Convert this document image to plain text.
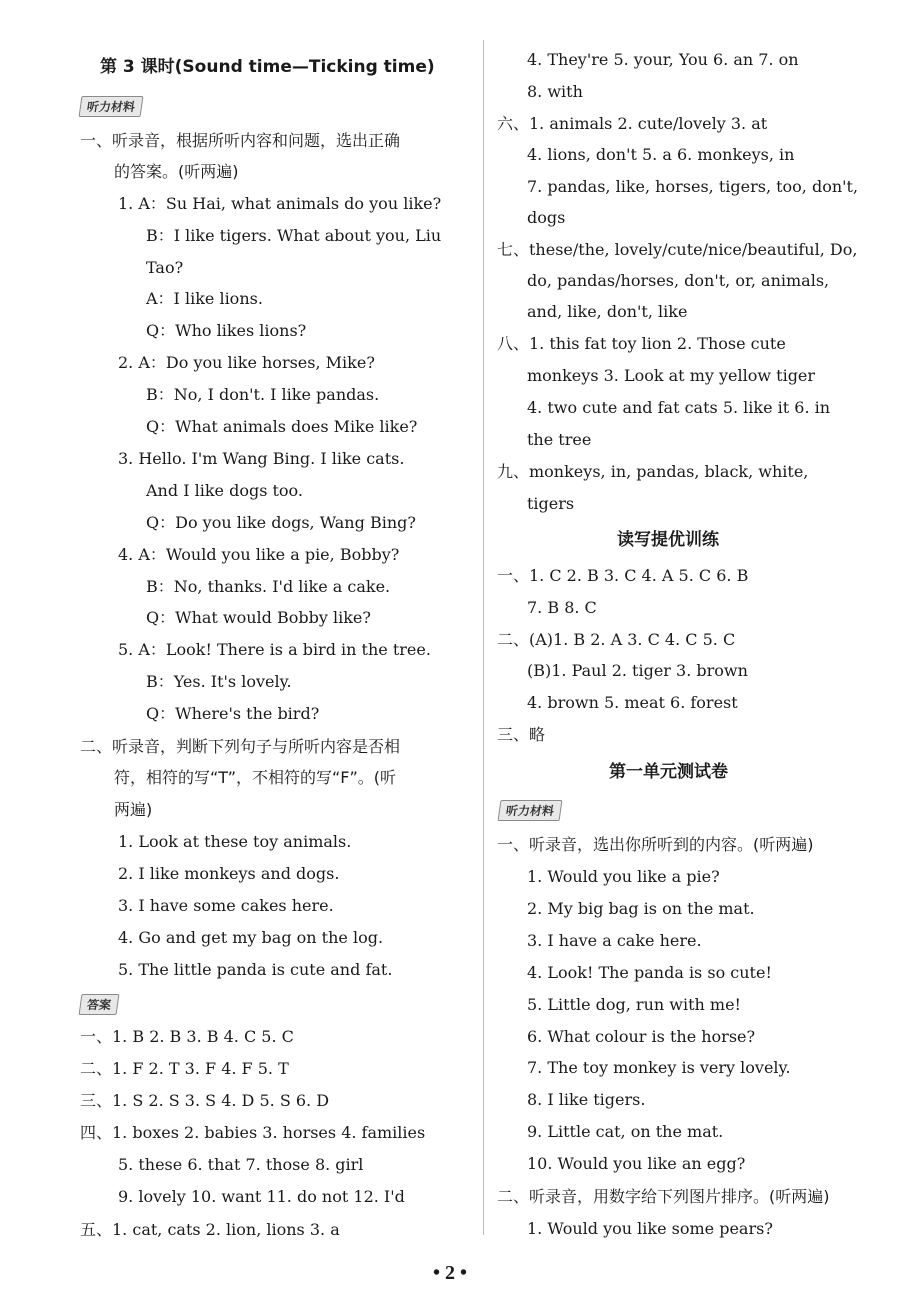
第 3 课时(Sound time—Ticking time)
听力材料
一、听录音，根据所听内容和问题，选出正确
的答案。(听两遍)
1. A：Su Hai, what animals do you like?
B：I like tigers. What about you, Liu
Tao?
A：I like lions.
Q：Who likes lions?
2. A：Do you like horses, Mike?
B：No, I don't. I like pandas.
Q：What animals does Mike like?
3. Hello. I'm Wang Bing. I like cats.
And I like dogs too.
Q：Do you like dogs, Wang Bing?
4. A：Would you like a pie, Bobby?
B：No, thanks. I'd like a cake.
Q：What would Bobby like?
5. A：Look! There is a bird in the tree.
B：Yes. It's lovely.
Q：Where's the bird?
二、听录音，判断下列句子与所听内容是否相
符，相符的写“T”，不相符的写“F”。(听
两遍)
1. Look at these toy animals.
2. I like monkeys and dogs.
3. I have some cakes here.
4. Go and get my bag on the log.
5. The little panda is cute and fat.
答案
一、1. B 2. B 3. B 4. C 5. C
二、1. F 2. T 3. F 4. F 5. T
三、1. S 2. S 3. S 4. D 5. S 6. D
四、1. boxes 2. babies 3. horses 4. families
5. these 6. that 7. those 8. girl
9. lovely 10. want 11. do not 12. I'd
五、1. cat, cats 2. lion, lions 3. a
4. They're 5. your, You 6. an 7. on
8. with
六、1. animals 2. cute/lovely 3. at
4. lions, don't 5. a 6. monkeys, in
7. pandas, like, horses, tigers, too, don't,
dogs
七、these/the, lovely/cute/nice/beautiful, Do,
do, pandas/horses, don't, or, animals,
and, like, don't, like
八、1. this fat toy lion 2. Those cute
monkeys 3. Look at my yellow tiger
4. two cute and fat cats 5. like it 6. in
the tree
九、monkeys, in, pandas, black, white,
tigers
读写提优训练
一、1. C 2. B 3. C 4. A 5. C 6. B
7. B 8. C
二、(A)1. B 2. A 3. C 4. C 5. C
(B)1. Paul 2. tiger 3. brown
4. brown 5. meat 6. forest
三、略
第一单元测试卷
听力材料
一、听录音，选出你所听到的内容。(听两遍)
1. Would you like a pie?
2. My big bag is on the mat.
3. I have a cake here.
4. Look! The panda is so cute!
5. Little dog, run with me!
6. What colour is the horse?
7. The toy monkey is very lovely.
8. I like tigers.
9. Little cat, on the mat.
10. Would you like an egg?
二、听录音，用数字给下列图片排序。(听两遍)
1. Would you like some pears?
• 2 •
